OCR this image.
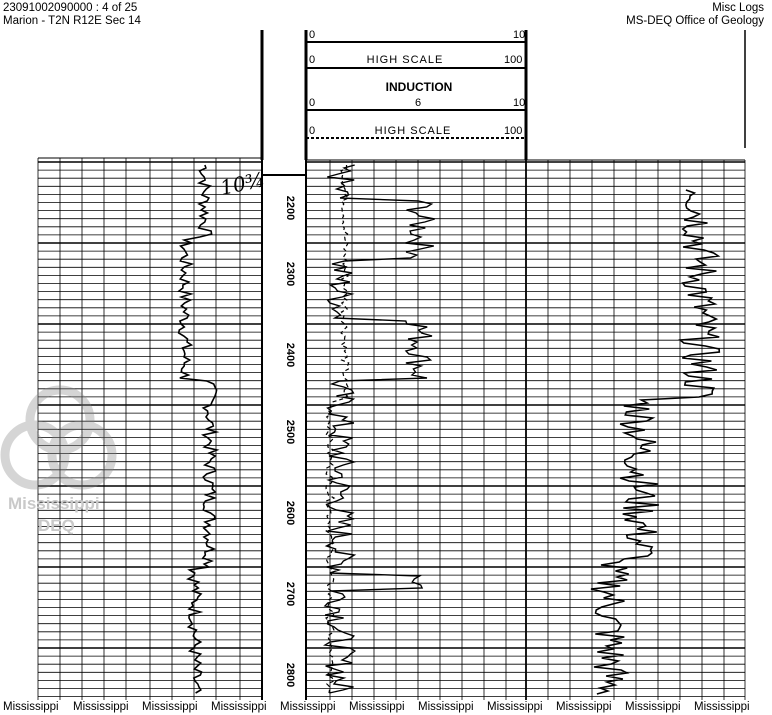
23091002090000 : 4 of 25
Marion - T2N R12E Sec 14
Misc Logs
MS-DEQ Office of Geology
0	10
0	HIGH SCALE	100
INDUCTION
0	6	10
0	HIGH SCALE	100
10¾
2200
2300
2400
2500
2600
2700
2800
Mississippi
DEQ
Mississippi Mississippi Mississippi Mississippi Mississippi Mississippi Mississippi Mississippi Mississippi Mississippi Mississippi
